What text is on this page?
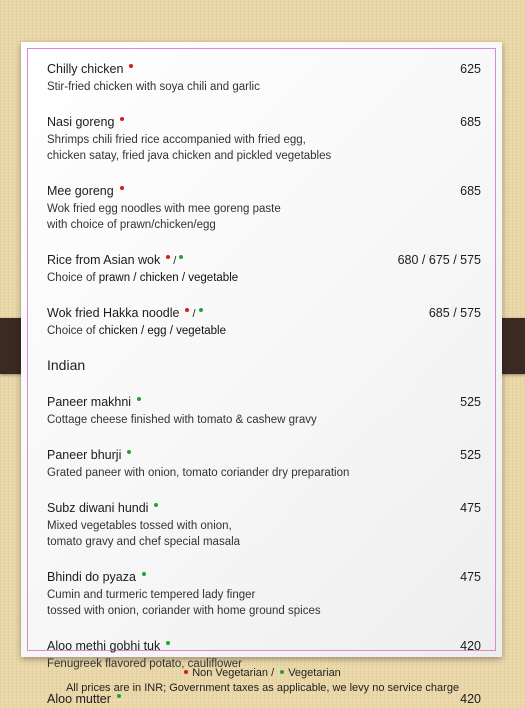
Chilly chicken	625
Stir-fried chicken with soya chili and garlic
Nasi goreng	685
Shrimps chili fried rice accompanied with fried egg,
chicken satay, fried java chicken and pickled vegetables
Mee goreng	685
Wok fried egg noodles with mee goreng paste
with choice of prawn/chicken/egg
Rice from Asian wok /	680 / 675 / 575
Choice of prawn / chicken / vegetable
Wok fried Hakka noodle /	685 / 575
Choice of chicken / egg / vegetable
Indian
Paneer makhni	525
Cottage cheese finished with tomato & cashew gravy
Paneer bhurji	525
Grated paneer with onion, tomato coriander dry preparation
Subz diwani hundi	475
Mixed vegetables tossed with onion,
tomato gravy and chef special masala
Bhindi do pyaza	475
Cumin and turmeric tempered lady finger
tossed with onion, coriander with home ground spices
Aloo methi gobhi tuk	420
Fenugreek flavored potato, cauliflower
Aloo mutter	420
Non Vegetarian / Vegetarian
All prices are in INR; Government taxes as applicable, we levy no service charge
